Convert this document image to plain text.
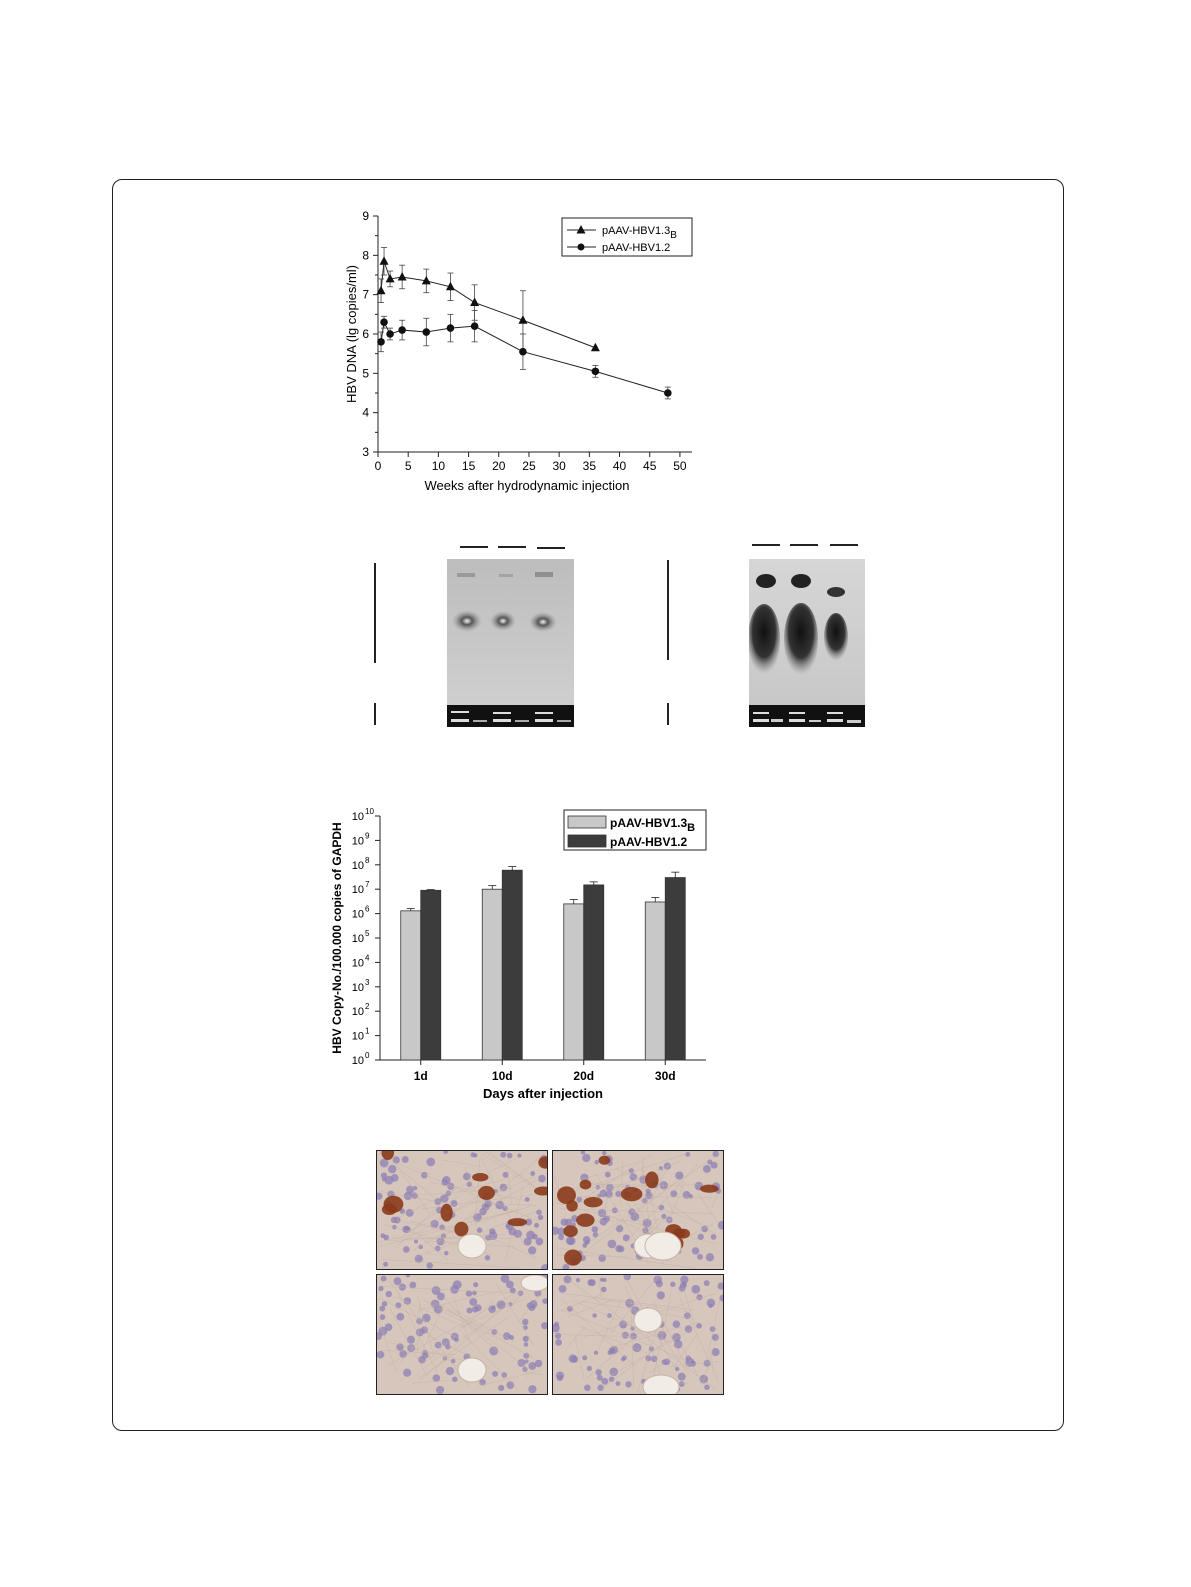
3
4
5
6
7
8
9
0 5 10 15 20 25 30 35 40 45 50
Weeks after hydrodynamic injection
HBV DNA (lg copies/ml)
pAAV-HBV1.3B
pAAV-HBV1.2
10 0
10 1
10 2
10 3
10 4
10 5
10 6
10 7
10 8
10 9
10 10
Days after injection
HBV Copy-No./100.000 copies of GAPDH
1d	10d	20d	30d
pAAV-HBV1.3B
pAAV-HBV1.2
